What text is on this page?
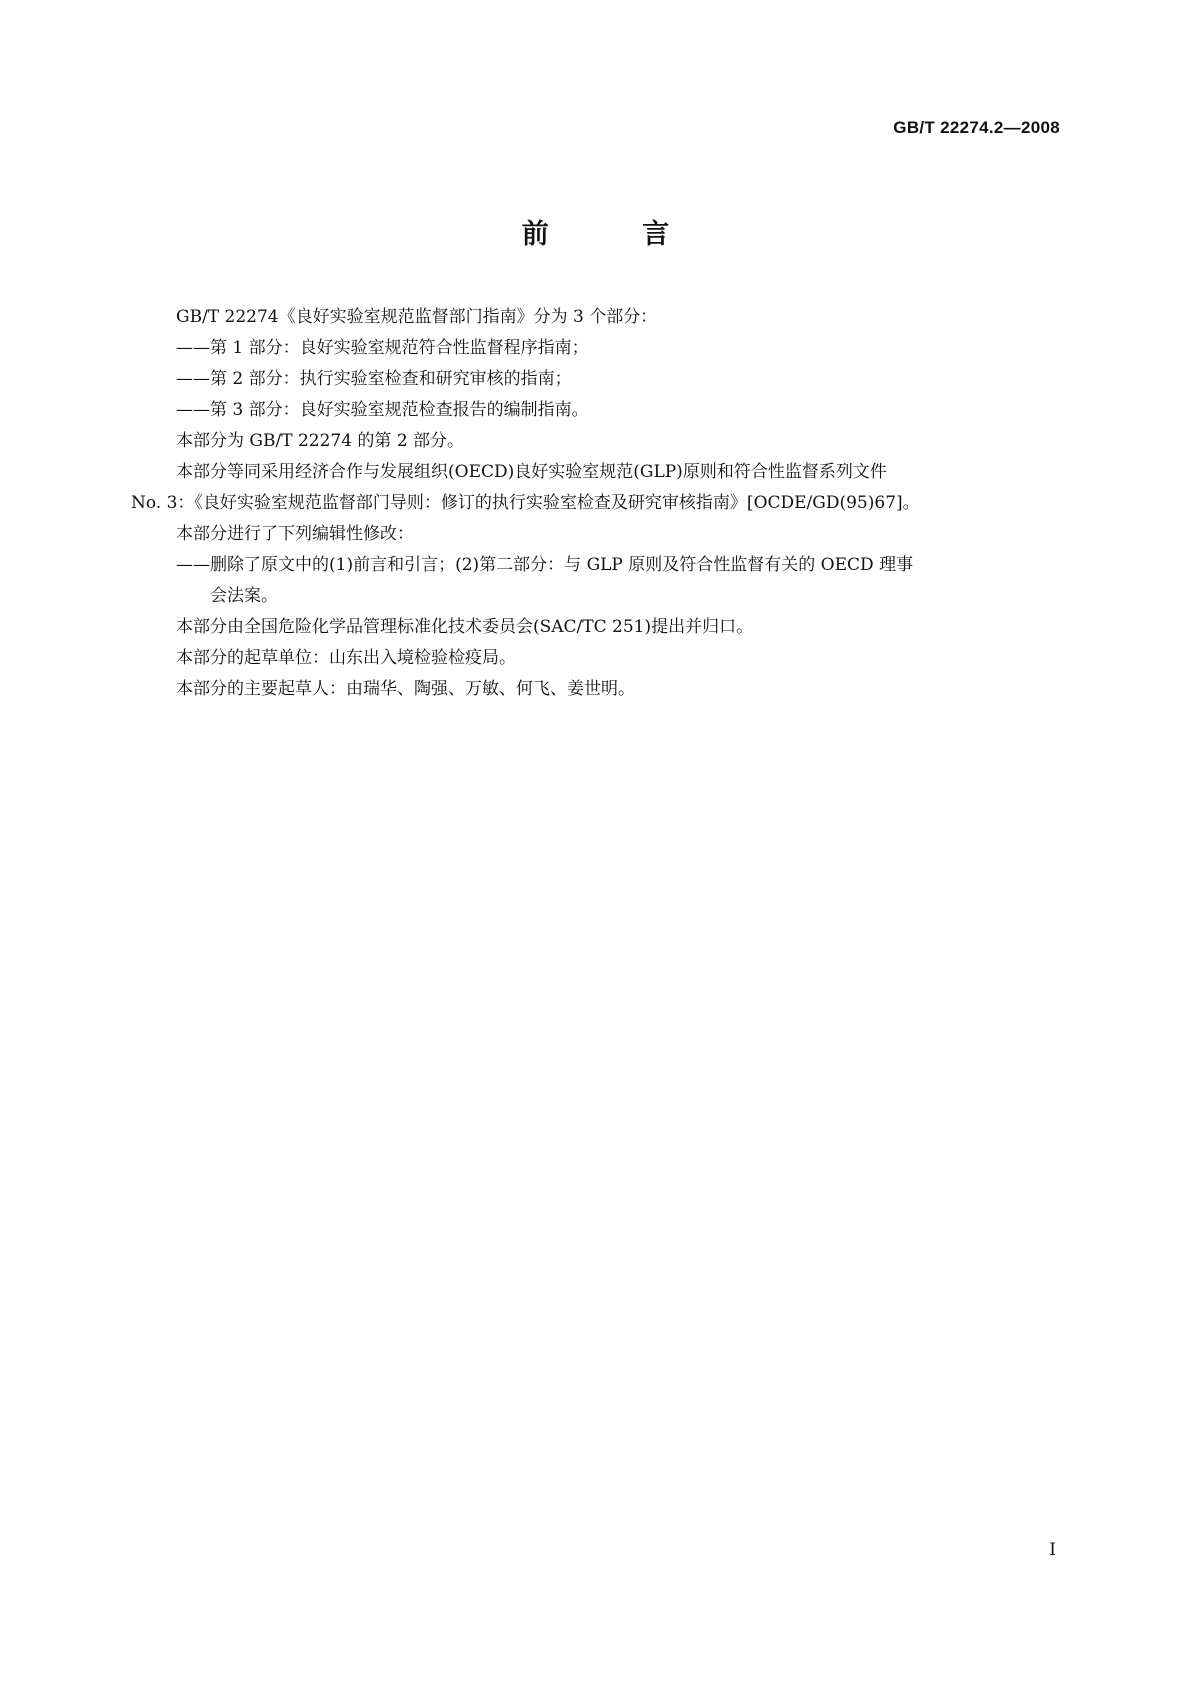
GB/T 22274.2—2008
前 言

GB/T 22274《良好实验室规范监督部门指南》分为 3 个部分：

——第 1 部分：良好实验室规范符合性监督程序指南；

——第 2 部分：执行实验室检查和研究审核的指南；

——第 3 部分：良好实验室规范检查报告的编制指南。

本部分为 GB/T 22274 的第 2 部分。

本部分等同采用经济合作与发展组织(OECD)良好实验室规范(GLP)原则和符合性监督系列文件

No. 3：《良好实验室规范监督部门导则：修订的执行实验室检查及研究审核指南》[OCDE/GD(95)67]。

本部分进行了下列编辑性修改：

——删除了原文中的(1)前言和引言；(2)第二部分：与 GLP 原则及符合性监督有关的 OECD 理事
会法案。

本部分由全国危险化学品管理标准化技术委员会(SAC/TC 251)提出并归口。

本部分的起草单位：山东出入境检验检疫局。

本部分的主要起草人：由瑞华、陶强、万敏、何飞、姜世明。

I
